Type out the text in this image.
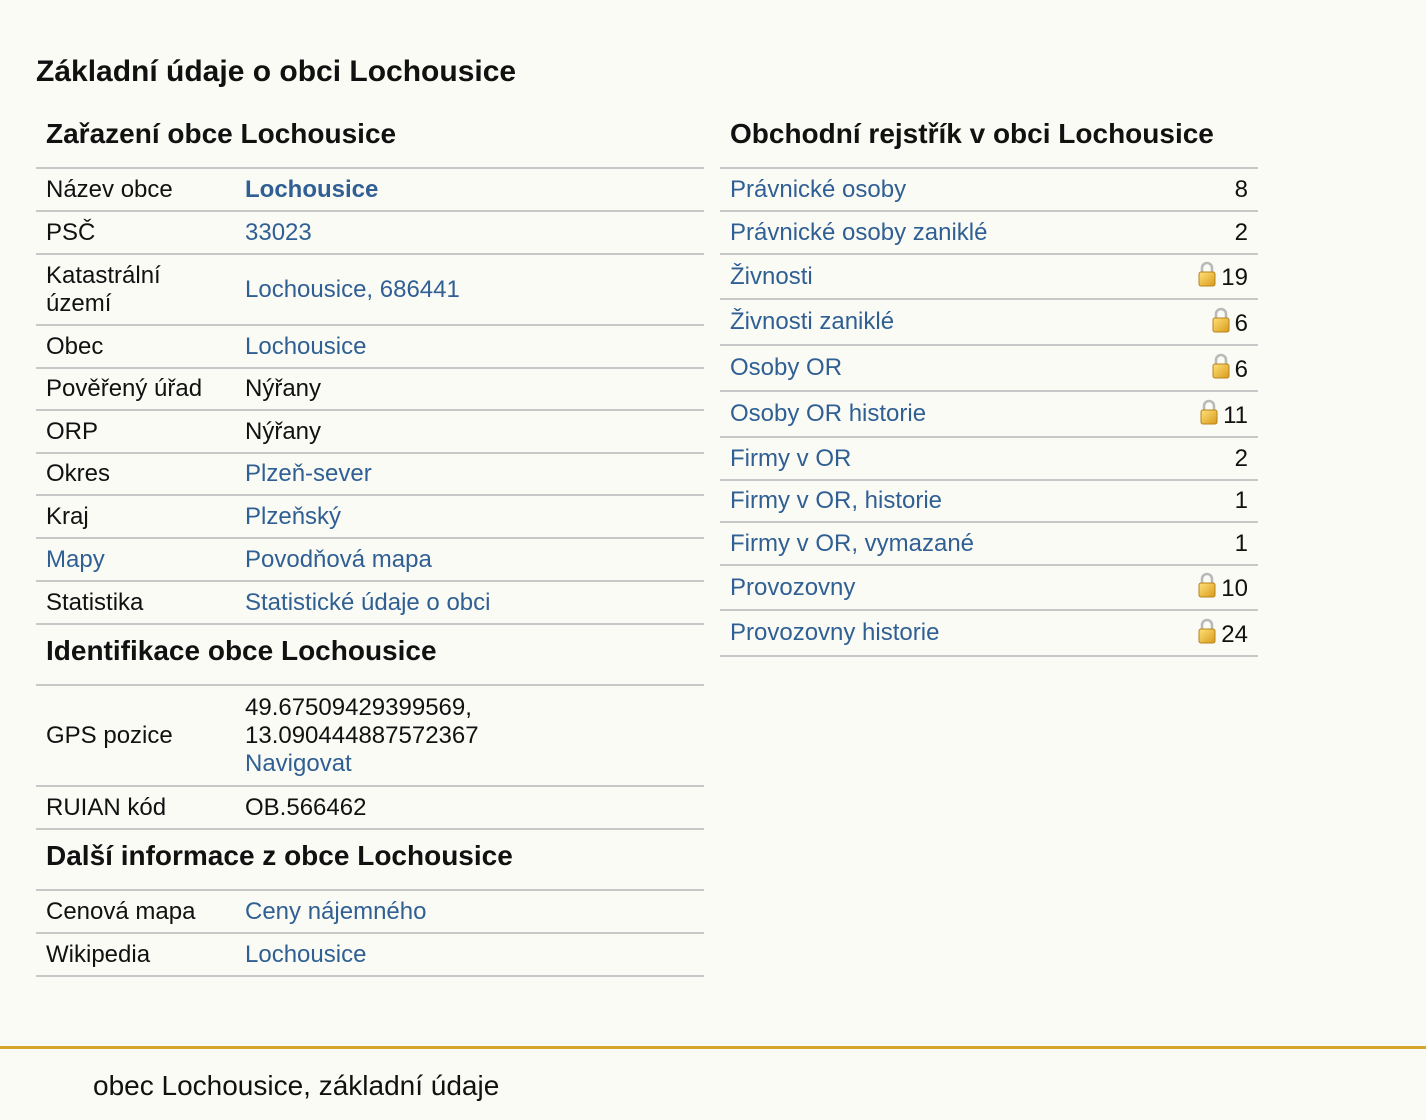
Základní údaje o obci Lochousice
Zařazení obce Lochousice
Název obce	Lochousice
PSČ	33023
Katastrální území	Lochousice, 686441
Obec	Lochousice
Pověřený úřad	Nýřany
ORP	Nýřany
Okres	Plzeň-sever
Kraj	Plzeňský
Mapy	Povodňová mapa
Statistika	Statistické údaje o obci
Identifikace obce Lochousice
GPS pozice	49.67509429399569,
13.090444887572367
Navigovat
RUIAN kód	OB.566462
Další informace z obce Lochousice
Cenová mapa	Ceny nájemného
Wikipedia	Lochousice
Obchodní rejstřík v obci Lochousice
Právnické osoby	8
Právnické osoby zaniklé	2
Živnosti	19
Živnosti zaniklé	6
Osoby OR	6
Osoby OR historie	11
Firmy v OR	2
Firmy v OR, historie	1
Firmy v OR, vymazané	1
Provozovny	10
Provozovny historie	24
obec Lochousice, základní údaje
